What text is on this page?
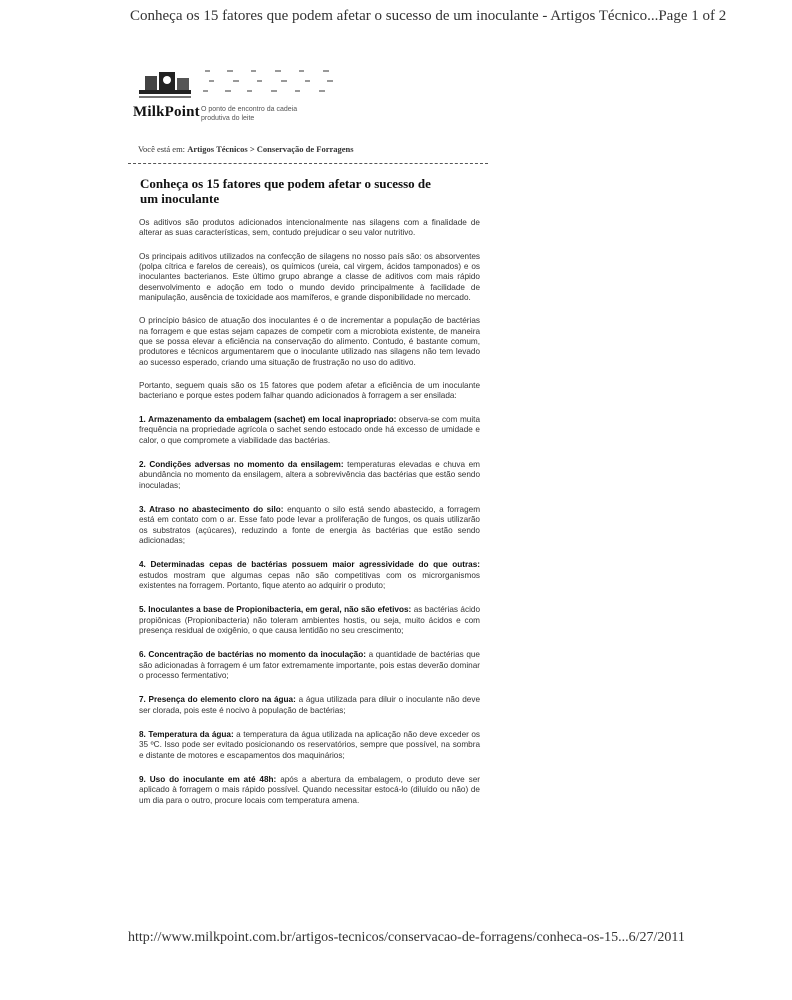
Conheça os 15 fatores que podem afetar o sucesso de um inoculante - Artigos Técnico... Page 1 of 2
MilkPoint O ponto de encontro da cadeia produtiva do leite
Você está em: Artigos Técnicos > Conservação de Forragens
Conheça os 15 fatores que podem afetar o sucesso de um inoculante

Os aditivos são produtos adicionados intencionalmente nas silagens com a finalidade de alterar as suas características, sem, contudo prejudicar o seu valor nutritivo.

Os principais aditivos utilizados na confecção de silagens no nosso país são: os absorventes (polpa cítrica e farelos de cereais), os químicos (ureia, cal virgem, ácidos tamponados) e os inoculantes bacterianos. Este último grupo abrange a classe de aditivos com mais rápido desenvolvimento e adoção em todo o mundo devido principalmente à facilidade de manipulação, ausência de toxicidade aos mamíferos, e grande disponibilidade no mercado.

O princípio básico de atuação dos inoculantes é o de incrementar a população de bactérias na forragem e que estas sejam capazes de competir com a microbiota existente, de maneira que se possa elevar a eficiência na conservação do alimento. Contudo, é bastante comum, produtores e técnicos argumentarem que o inoculante utilizado nas silagens não tem levado ao sucesso esperado, criando uma situação de frustração no uso do aditivo.

Portanto, seguem quais são os 15 fatores que podem afetar a eficiência de um inoculante bacteriano e porque estes podem falhar quando adicionados à forragem a ser ensilada:

1. Armazenamento da embalagem (sachet) em local inapropriado: observa-se com muita frequência na propriedade agrícola o sachet sendo estocado onde há excesso de umidade e calor, o que compromete a viabilidade das bactérias.

2. Condições adversas no momento da ensilagem: temperaturas elevadas e chuva em abundância no momento da ensilagem, altera a sobrevivência das bactérias que estão sendo inoculadas;

3. Atraso no abastecimento do silo: enquanto o silo está sendo abastecido, a forragem está em contato com o ar. Esse fato pode levar a proliferação de fungos, os quais utilizarão os substratos (açúcares), reduzindo a fonte de energia às bactérias que estão sendo adicionadas;

4. Determinadas cepas de bactérias possuem maior agressividade do que outras: estudos mostram que algumas cepas não são competitivas com os microrganismos existentes na forragem. Portanto, fique atento ao adquirir o produto;

5. Inoculantes a base de Propionibacteria, em geral, não são efetivos: as bactérias ácido propiônicas (Propionibacteria) não toleram ambientes hostis, ou seja, muito ácidos e com presença residual de oxigênio, o que causa lentidão no seu crescimento;

6. Concentração de bactérias no momento da inoculação: a quantidade de bactérias que são adicionadas à forragem é um fator extremamente importante, pois estas deverão dominar o processo fermentativo;

7. Presença do elemento cloro na água: a água utilizada para diluir o inoculante não deve ser clorada, pois este é nocivo à população de bactérias;

8. Temperatura da água: a temperatura da água utilizada na aplicação não deve exceder os 35 ºC. Isso pode ser evitado posicionando os reservatórios, sempre que possível, na sombra e distante de motores e escapamentos dos maquinários;

9. Uso do inoculante em até 48h: após a abertura da embalagem, o produto deve ser aplicado à forragem o mais rápido possível. Quando necessitar estocá-lo (diluído ou não) de um dia para o outro, procure locais com temperatura amena.

http://www.milkpoint.com.br/artigos-tecnicos/conservacao-de-forragens/conheca-os-15... 6/27/2011
